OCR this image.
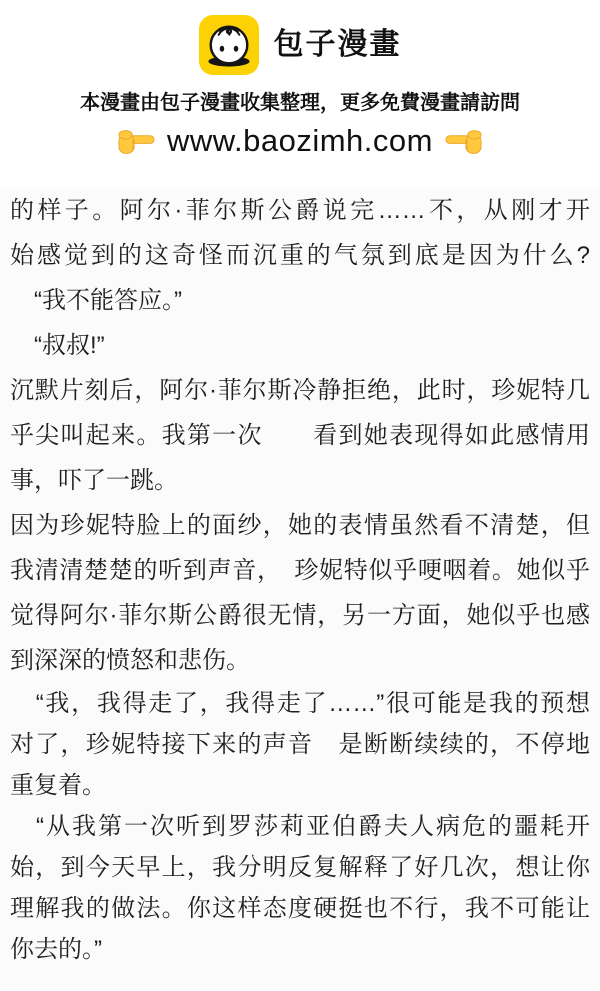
包子漫畫
本漫畫由包子漫畫收集整理，更多免費漫畫請訪問
www.baozimh.com

的样子。阿尔·菲尔斯公爵说完……不，从刚才开
始感觉到的这奇怪而沉重的气氛到底是因为什么?

　“我不能答应。”

　“叔叔!”

沉默片刻后，阿尔·菲尔斯冷静拒绝，此时，珍妮特几
乎尖叫起来。我第一次　　看到她表现得如此感情用
事，吓了一跳。

因为珍妮特脸上的面纱，她的表情虽然看不清楚，但
我清清楚楚的听到声音，　珍妮特似乎哽咽着。她似乎
觉得阿尔·菲尔斯公爵很无情，另一方面，她似乎也感
到深深的愤怒和悲伤。

　“我，我得走了，我得走了……”很可能是我的预想
对了，珍妮特接下来的声音　是断断续续的，不停地
重复着。

　“从我第一次听到罗莎莉亚伯爵夫人病危的噩耗开
始，到今天早上，我分明反复解释了好几次，想让你
理解我的做法。你这样态度硬挺也不行，我不可能让
你去的。”
